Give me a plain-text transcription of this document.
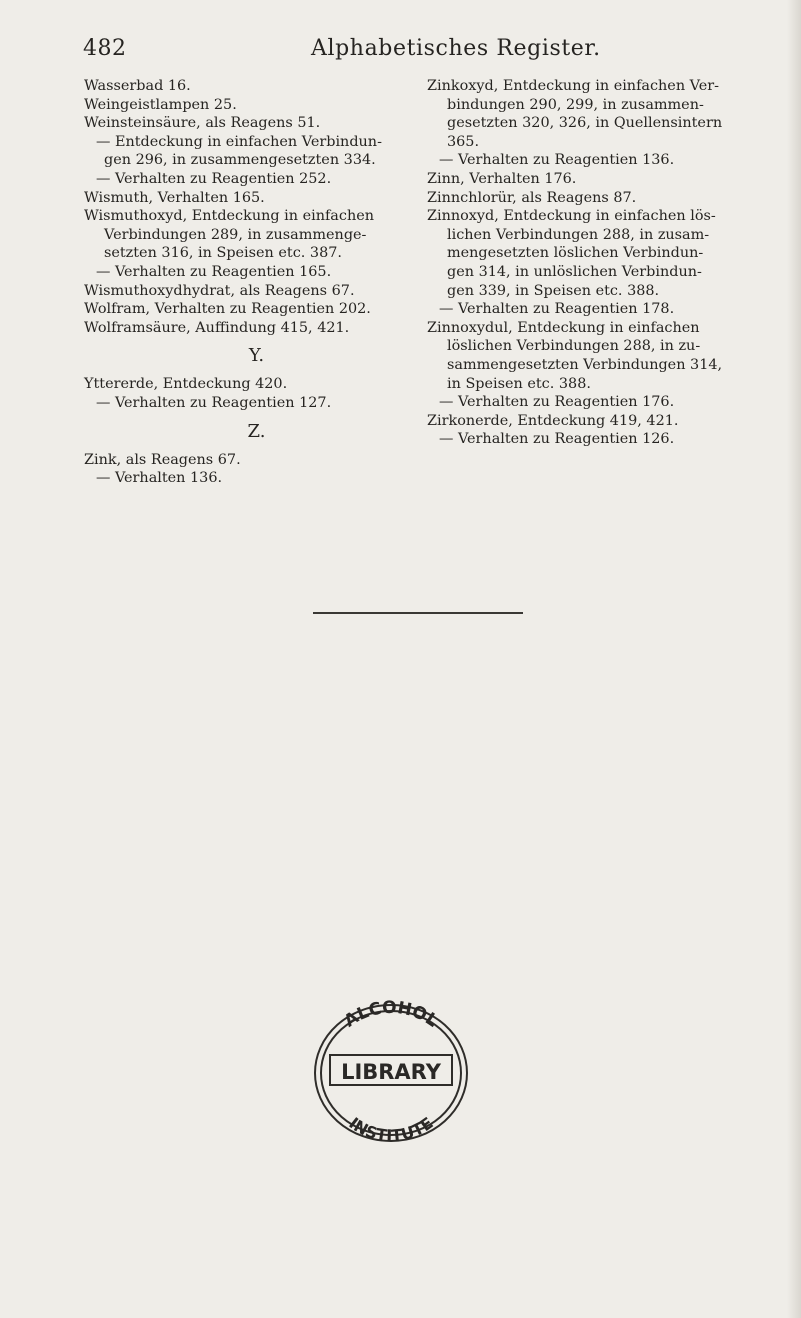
482	Alphabetisches Register.
Wasserbad 16.
Weingeistlampen 25.
Weinsteinsäure, als Reagens 51.
— Entdeckung in einfachen Verbindun-
gen 296, in zusammengesetzten 334.
— Verhalten zu Reagentien 252.
Wismuth, Verhalten 165.
Wismuthoxyd, Entdeckung in einfachen
Verbindungen 289, in zusammenge-
setzten 316, in Speisen etc. 387.
— Verhalten zu Reagentien 165.
Wismuthoxydhydrat, als Reagens 67.
Wolfram, Verhalten zu Reagentien 202.
Wolframsäure, Auffindung 415, 421.
Y.
Yttererde, Entdeckung 420.
— Verhalten zu Reagentien 127.
Z.
Zink, als Reagens 67.
— Verhalten 136.
Zinkoxyd, Entdeckung in einfachen Ver-
bindungen 290, 299, in zusammen-
gesetzten 320, 326, in Quellensintern
365.
— Verhalten zu Reagentien 136.
Zinn, Verhalten 176.
Zinnchlorür, als Reagens 87.
Zinnoxyd, Entdeckung in einfachen lös-
lichen Verbindungen 288, in zusam-
mengesetzten löslichen Verbindun-
gen 314, in unlöslichen Verbindun-
gen 339, in Speisen etc. 388.
— Verhalten zu Reagentien 178.
Zinnoxydul, Entdeckung in einfachen
löslichen Verbindungen 288, in zu-
sammengesetzten Verbindungen 314,
in Speisen etc. 388.
— Verhalten zu Reagentien 176.
Zirkonerde, Entdeckung 419, 421.
— Verhalten zu Reagentien 126.
LIBRARY
ALCOHOL
INSTITUTE
